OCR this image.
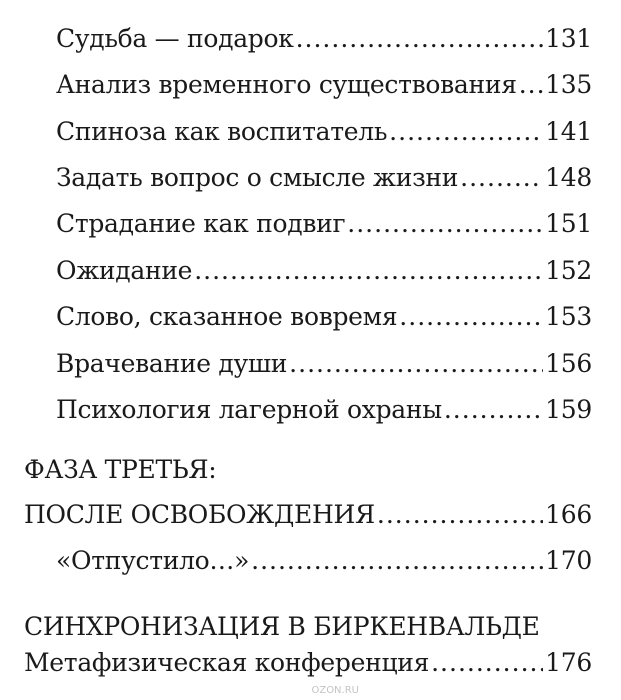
Судьба — подарок .....	131
Анализ временного существования ..... 135
Спиноза как воспитатель .....	141
Задать вопрос о смысле жизни .....	148
Страдание как подвиг .....	151
Ожидание .....	152
Слово, сказанное вовремя .....	153
Врачевание души .....	156
Психология лагерной охраны .....	159
ФАЗА ТРЕТЬЯ:
ПОСЛЕ ОСВОБОЖДЕНИЯ .....	166
«Отпустило…» .....	170
СИНХРОНИЗАЦИЯ В БИРКЕНВАЛЬДЕ
Метафизическая конференция .....	176
OZON.RU
